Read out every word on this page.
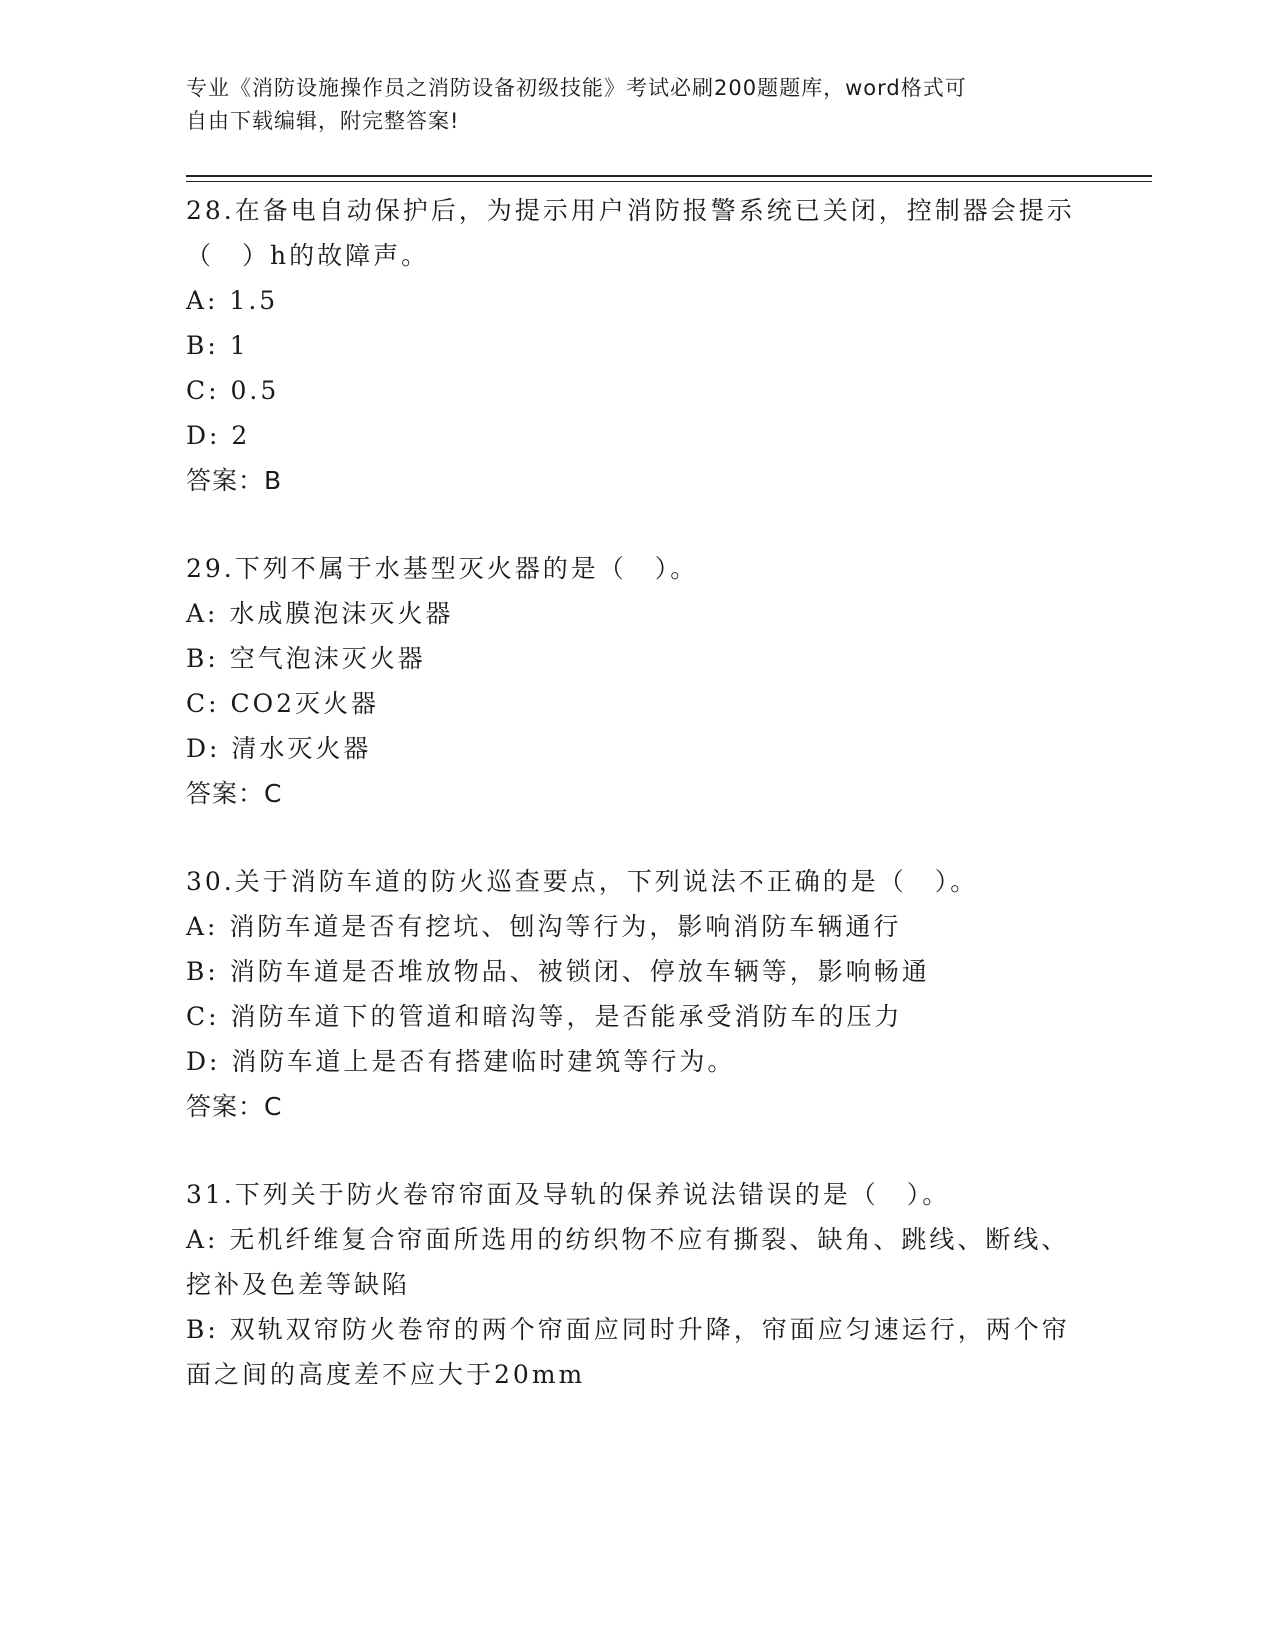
专业《消防设施操作员之消防设备初级技能》考试必刷200题题库，word格式可
自由下载编辑，附完整答案!
28.在备电自动保护后，为提示用户消防报警系统已关闭，控制器会提示（　）h的故障声。
A: 1.5
B: 1
C: 0.5
D: 2
答案：B
29.下列不属于水基型灭火器的是（　）。
A: 水成膜泡沫灭火器
B: 空气泡沫灭火器
C: CO2灭火器
D: 清水灭火器
答案：C
30.关于消防车道的防火巡查要点，下列说法不正确的是（　）。
A: 消防车道是否有挖坑、刨沟等行为，影响消防车辆通行
B: 消防车道是否堆放物品、被锁闭、停放车辆等，影响畅通
C: 消防车道下的管道和暗沟等，是否能承受消防车的压力
D: 消防车道上是否有搭建临时建筑等行为。
答案：C
31.下列关于防火卷帘帘面及导轨的保养说法错误的是（　）。
A: 无机纤维复合帘面所选用的纺织物不应有撕裂、缺角、跳线、断线、挖补及色差等缺陷
B: 双轨双帘防火卷帘的两个帘面应同时升降，帘面应匀速运行，两个帘面之间的高度差不应大于20mm
